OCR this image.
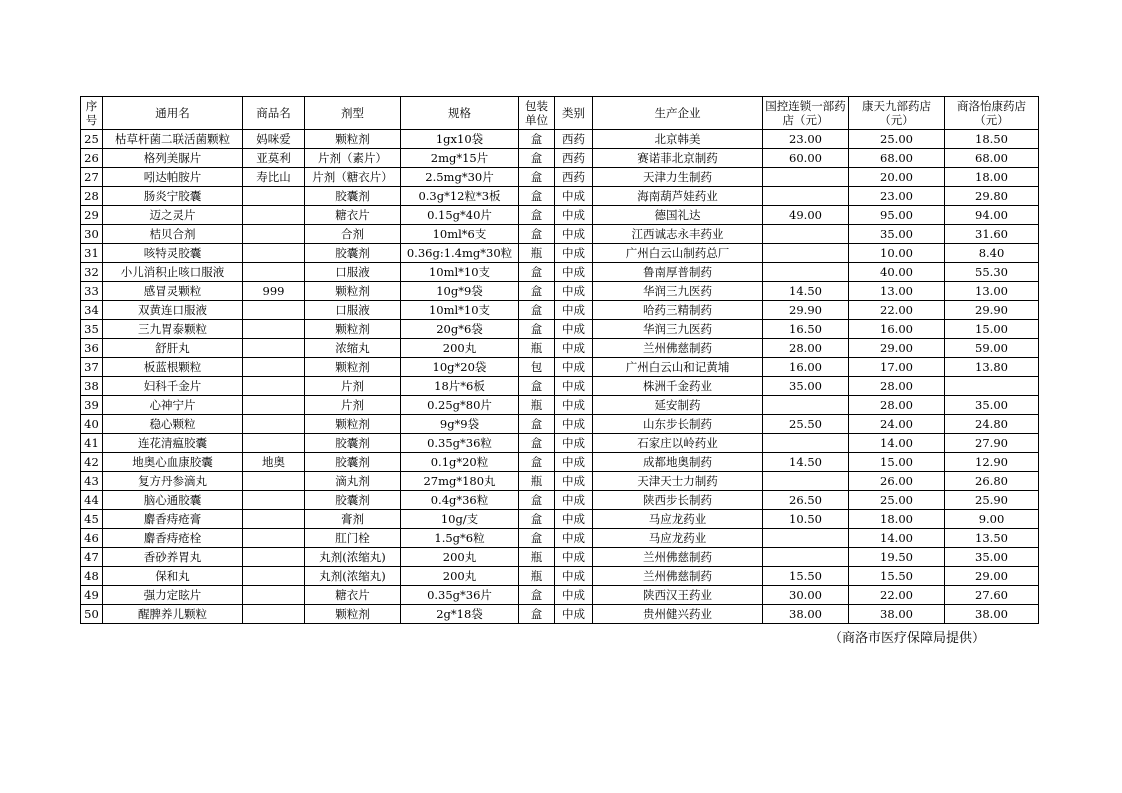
序号	通用名	商品名	剂型	规格	包装单位	类别	生产企业	国控连锁一部药店（元）	康天九部药店（元）	商洛怡康药店（元）
25	枯草杆菌二联活菌颗粒	妈咪爱	颗粒剂	1gx10袋	盒	西药	北京韩美	23.00	25.00	18.50
26	格列美脲片	亚莫利	片剂（素片）	2mg*15片	盒	西药	赛诺菲北京制药	60.00	68.00	68.00
27	吲达帕胺片	寿比山	片剂（糖衣片）	2.5mg*30片	盒	西药	天津力生制药		20.00	18.00
28	肠炎宁胶囊		胶囊剂	0.3g*12粒*3板	盒	中成	海南葫芦娃药业		23.00	29.80
29	迈之灵片		糖衣片	0.15g*40片	盒	中成	德国礼达	49.00	95.00	94.00
30	桔贝合剂		合剂	10ml*6支	盒	中成	江西诚志永丰药业		35.00	31.60
31	咳特灵胶囊		胶囊剂	0.36g:1.4mg*30粒	瓶	中成	广州白云山制药总厂		10.00	8.40
32	小儿消积止咳口服液		口服液	10ml*10支	盒	中成	鲁南厚普制药		40.00	55.30
33	感冒灵颗粒	999	颗粒剂	10g*9袋	盒	中成	华润三九医药	14.50	13.00	13.00
34	双黄连口服液		口服液	10ml*10支	盒	中成	哈药三精制药	29.90	22.00	29.90
35	三九胃泰颗粒		颗粒剂	20g*6袋	盒	中成	华润三九医药	16.50	16.00	15.00
36	舒肝丸		浓缩丸	200丸	瓶	中成	兰州佛慈制药	28.00	29.00	59.00
37	板蓝根颗粒		颗粒剂	10g*20袋	包	中成	广州白云山和记黄埔	16.00	17.00	13.80
38	妇科千金片		片剂	18片*6板	盒	中成	株洲千金药业	35.00	28.00	
39	心神宁片		片剂	0.25g*80片	瓶	中成	延安制药		28.00	35.00
40	稳心颗粒		颗粒剂	9g*9袋	盒	中成	山东步长制药	25.50	24.00	24.80
41	连花清瘟胶囊		胶囊剂	0.35g*36粒	盒	中成	石家庄以岭药业		14.00	27.90
42	地奥心血康胶囊	地奥	胶囊剂	0.1g*20粒	盒	中成	成都地奥制药	14.50	15.00	12.90
43	复方丹参滴丸		滴丸剂	27mg*180丸	瓶	中成	天津天士力制药		26.00	26.80
44	脑心通胶囊		胶囊剂	0.4g*36粒	盒	中成	陕西步长制药	26.50	25.00	25.90
45	麝香痔疮膏		膏剂	10g/支	盒	中成	马应龙药业	10.50	18.00	9.00
46	麝香痔疮栓		肛门栓	1.5g*6粒	盒	中成	马应龙药业		14.00	13.50
47	香砂养胃丸		丸剂(浓缩丸)	200丸	瓶	中成	兰州佛慈制药		19.50	35.00
48	保和丸		丸剂(浓缩丸)	200丸	瓶	中成	兰州佛慈制药	15.50	15.50	29.00
49	强力定眩片		糖衣片	0.35g*36片	盒	中成	陕西汉王药业	30.00	22.00	27.60
50	醒脾养儿颗粒		颗粒剂	2g*18袋	盒	中成	贵州健兴药业	38.00	38.00	38.00
（商洛市医疗保障局提供）
